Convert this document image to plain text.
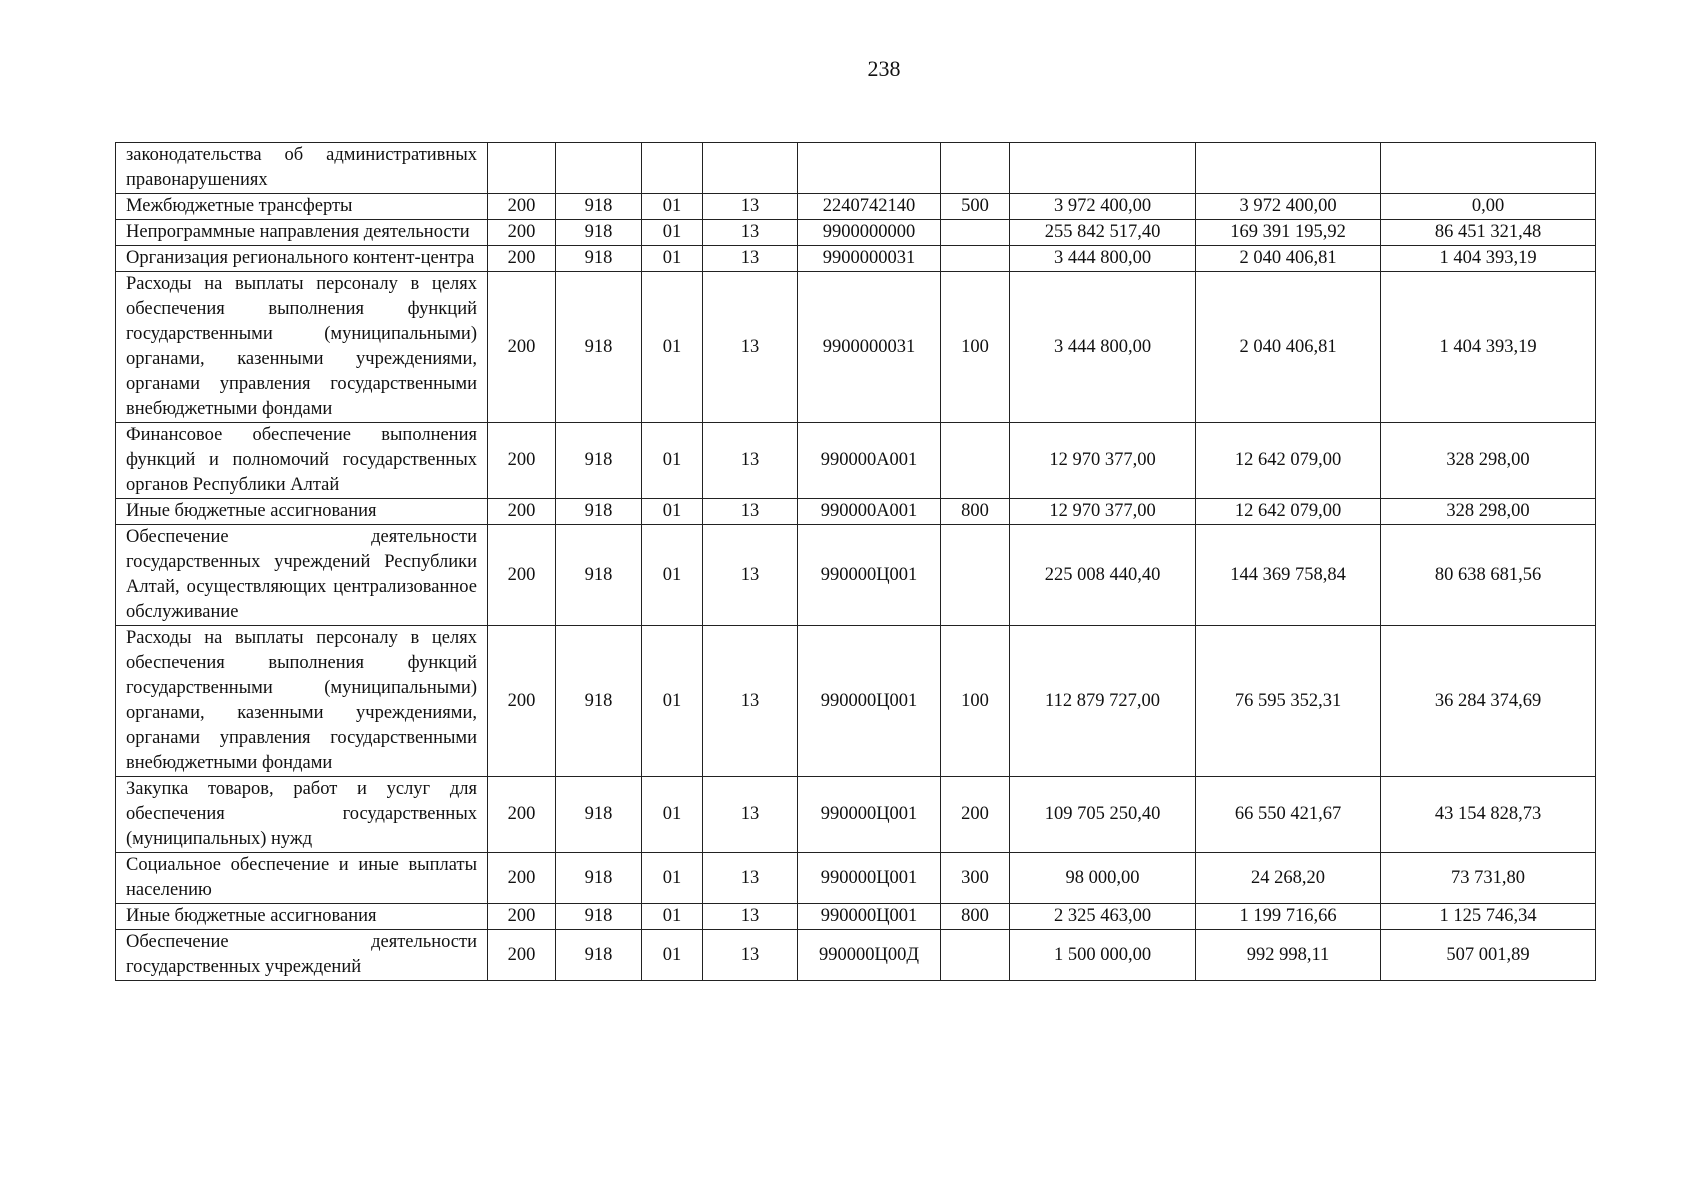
238
законодательства об административных правонарушениях									
Межбюджетные трансферты	200	918	01	13	2240742140	500	3 972 400,00	3 972 400,00	0,00
Непрограммные направления деятельности	200	918	01	13	9900000000		255 842 517,40	169 391 195,92	86 451 321,48
Организация регионального контент-центра	200	918	01	13	9900000031		3 444 800,00	2 040 406,81	1 404 393,19
Расходы на выплаты персоналу в целях обеспечения выполнения функций государственными (муниципальными) органами, казенными учреждениями, органами управления государственными внебюджетными фондами	200	918	01	13	9900000031	100	3 444 800,00	2 040 406,81	1 404 393,19
Финансовое обеспечение выполнения функций и полномочий государственных органов Республики Алтай	200	918	01	13	990000А001		12 970 377,00	12 642 079,00	328 298,00
Иные бюджетные ассигнования	200	918	01	13	990000А001	800	12 970 377,00	12 642 079,00	328 298,00
Обеспечение деятельности государственных учреждений Республики Алтай, осуществляющих централизованное обслуживание	200	918	01	13	990000Ц001		225 008 440,40	144 369 758,84	80 638 681,56
Расходы на выплаты персоналу в целях обеспечения выполнения функций государственными (муниципальными) органами, казенными учреждениями, органами управления государственными внебюджетными фондами	200	918	01	13	990000Ц001	100	112 879 727,00	76 595 352,31	36 284 374,69
Закупка товаров, работ и услуг для обеспечения государственных (муниципальных) нужд	200	918	01	13	990000Ц001	200	109 705 250,40	66 550 421,67	43 154 828,73
Социальное обеспечение и иные выплаты населению	200	918	01	13	990000Ц001	300	98 000,00	24 268,20	73 731,80
Иные бюджетные ассигнования	200	918	01	13	990000Ц001	800	2 325 463,00	1 199 716,66	1 125 746,34
Обеспечение деятельности государственных учреждений	200	918	01	13	990000Ц00Д		1 500 000,00	992 998,11	507 001,89
